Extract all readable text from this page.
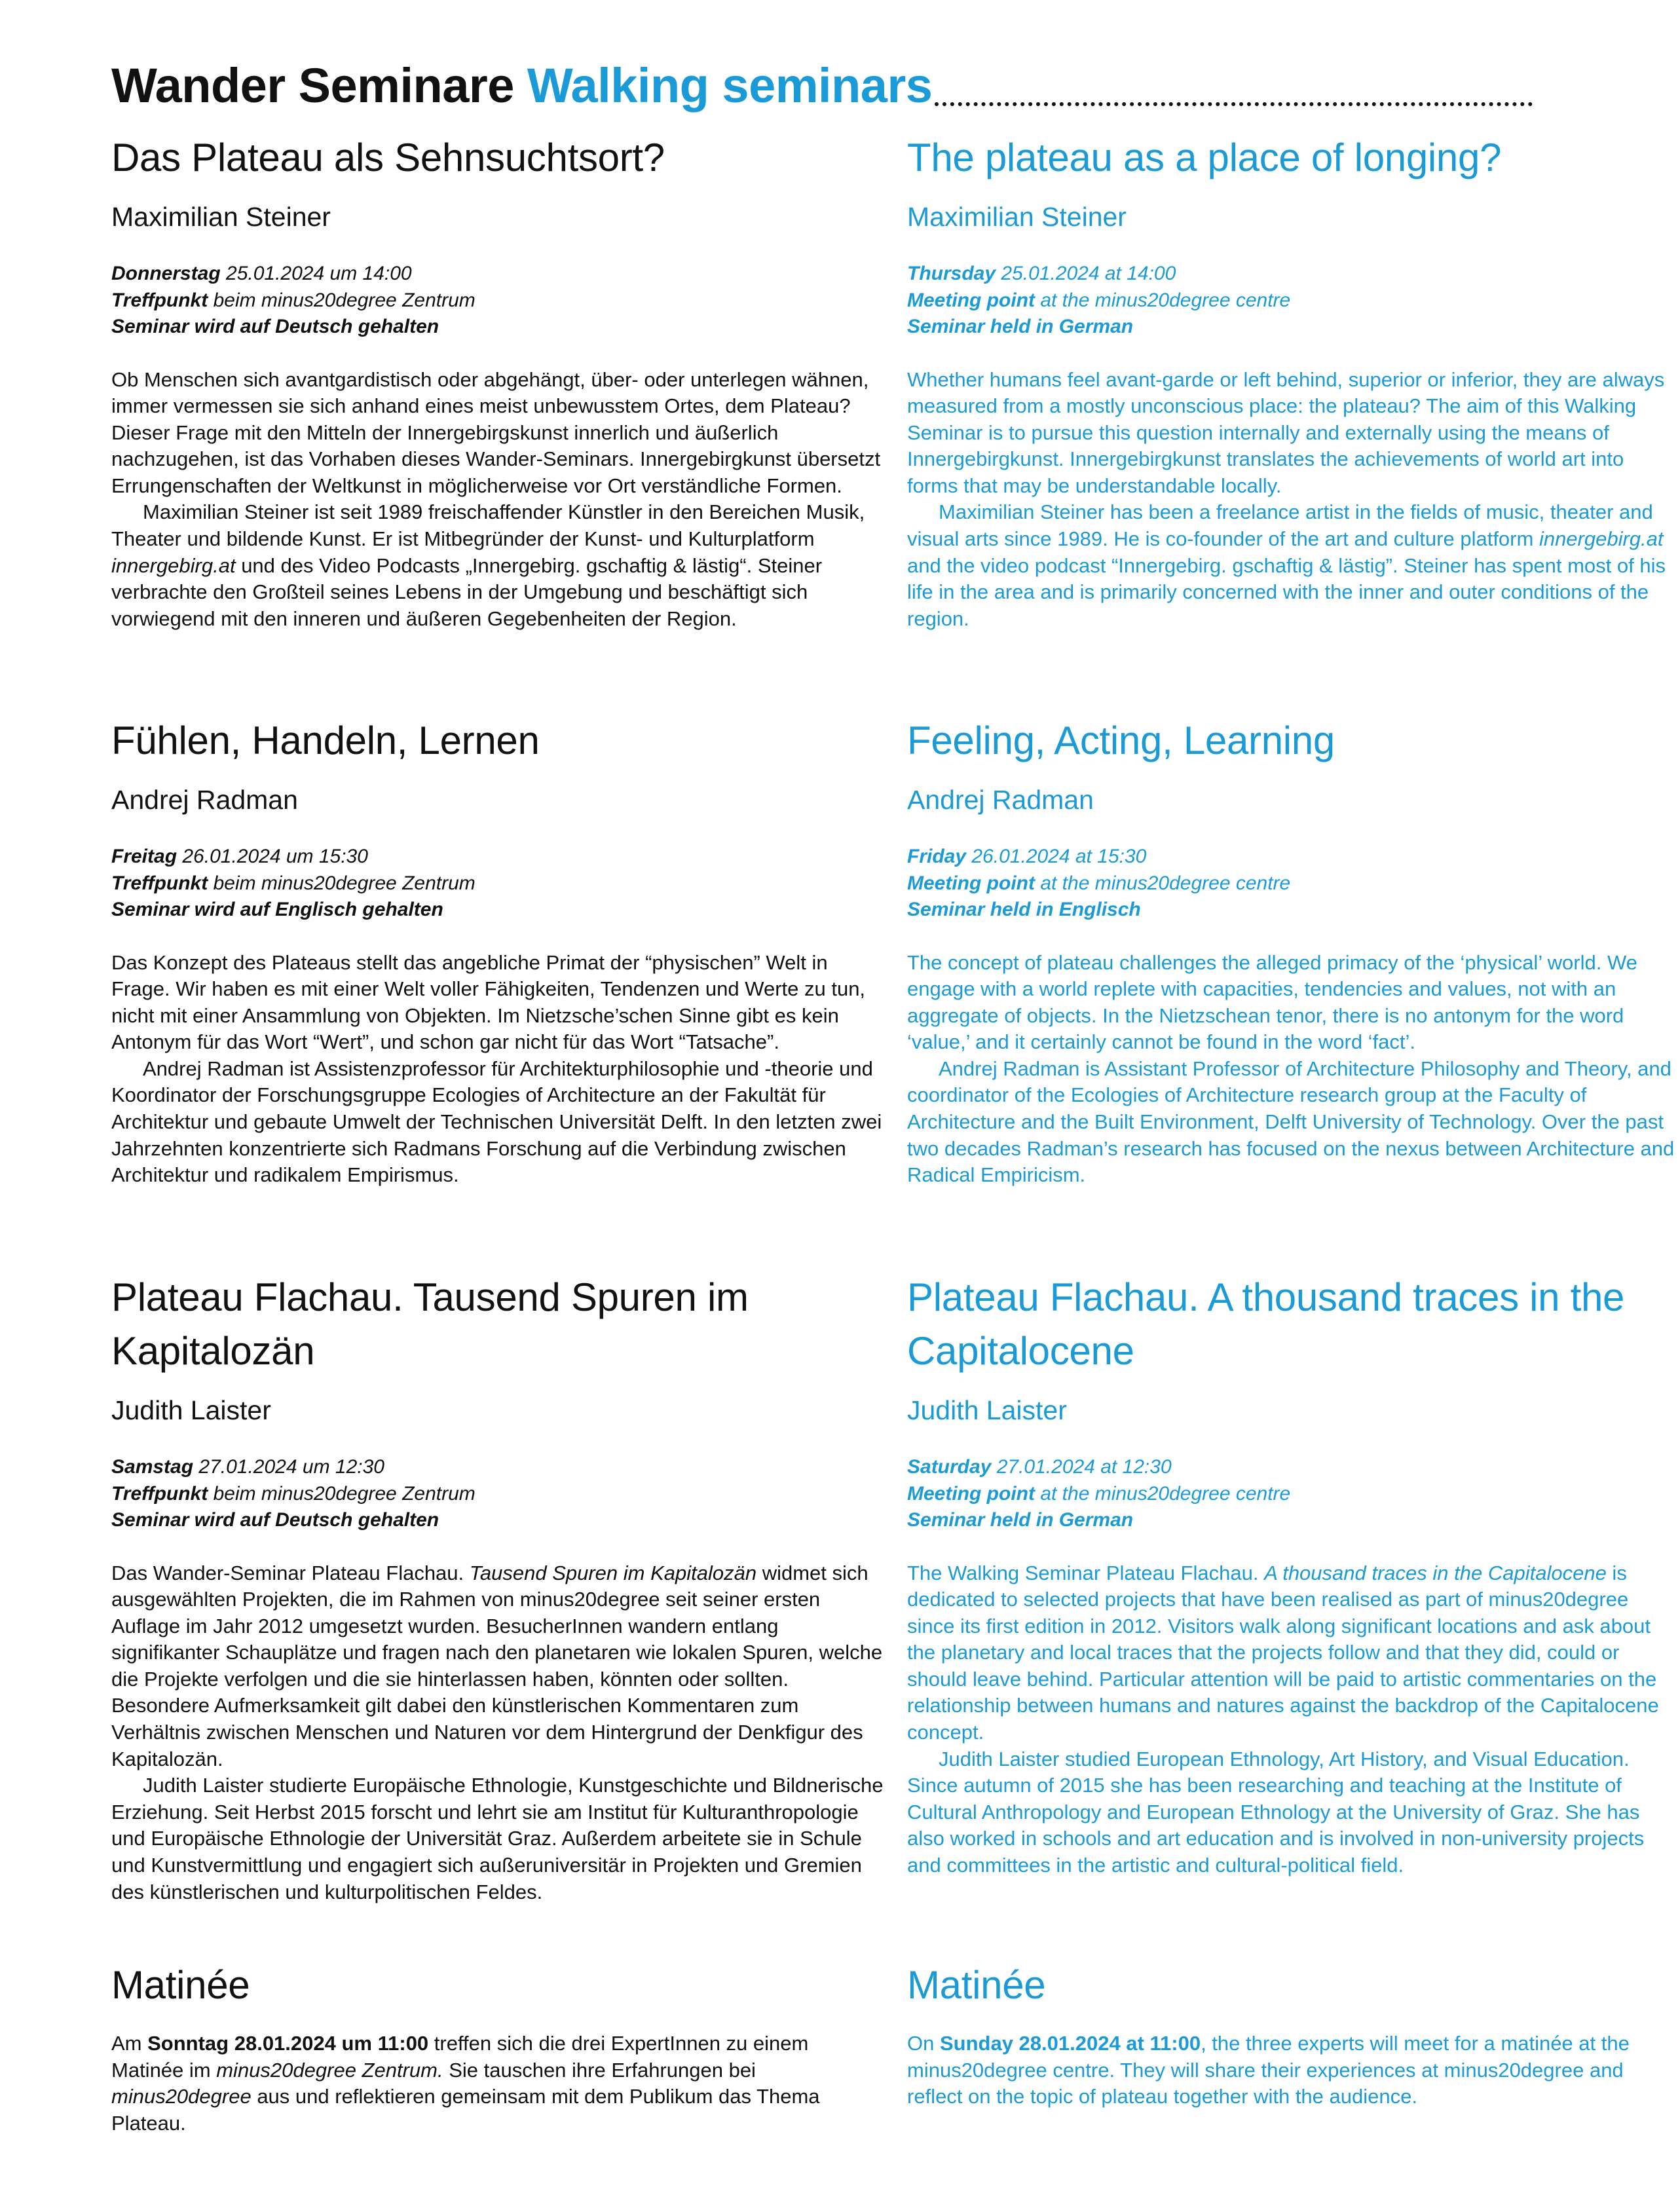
Wander Seminare Walking seminars
Das Plateau als Sehnsuchtsort?
Maximilian Steiner
Donnerstag 25.01.2024 um 14:00
Treffpunkt beim minus20degree Zentrum
Seminar wird auf Deutsch gehalten

Ob Menschen sich avantgardistisch oder abgehängt, über- oder unterlegen wähnen, immer vermessen sie sich anhand eines meist unbewusstem Ortes, dem Plateau? Dieser Frage mit den Mitteln der Innergebirgskunst innerlich und äußerlich nachzugehen, ist das Vorhaben dieses Wander-Seminars. Innergebirgkunst übersetzt Errungenschaften der Weltkunst in möglicherweise vor Ort verständliche Formen.

Maximilian Steiner ist seit 1989 freischaffender Künstler in den Bereichen Musik, Theater und bildende Kunst. Er ist Mitbegründer der Kunst- und Kulturplatform innergebirg.at und des Video Podcasts „Innergebirg. gschaftig & lästig“. Steiner verbrachte den Großteil seines Lebens in der Umgebung und beschäftigt sich vorwiegend mit den inneren und äußeren Gegebenheiten der Region.

Fühlen, Handeln, Lernen
Andrej Radman
Freitag 26.01.2024 um 15:30
Treffpunkt beim minus20degree Zentrum
Seminar wird auf Englisch gehalten

Das Konzept des Plateaus stellt das angebliche Primat der “physischen” Welt in Frage. Wir haben es mit einer Welt voller Fähigkeiten, Tendenzen und Werte zu tun, nicht mit einer Ansammlung von Objekten. Im Nietzsche’schen Sinne gibt es kein Antonym für das Wort “Wert”, und schon gar nicht für das Wort “Tatsache”.

Andrej Radman ist Assistenzprofessor für Architekturphilosophie und -theorie und Koordinator der Forschungsgruppe Ecologies of Architecture an der Fakultät für Architektur und gebaute Umwelt der Technischen Universität Delft. In den letzten zwei Jahrzehnten konzentrierte sich Radmans Forschung auf die Verbindung zwischen Architektur und radikalem Empirismus.

Plateau Flachau. Tausend Spuren im Kapitalozän
Judith Laister
Samstag 27.01.2024 um 12:30
Treffpunkt beim minus20degree Zentrum
Seminar wird auf Deutsch gehalten

Das Wander-Seminar Plateau Flachau. Tausend Spuren im Kapitalozän widmet sich ausgewählten Projekten, die im Rahmen von minus20degree seit seiner ersten Auflage im Jahr 2012 umgesetzt wurden. BesucherInnen wandern entlang signifikanter Schauplätze und fragen nach den planetaren wie lokalen Spuren, welche die Projekte verfolgen und die sie hinterlassen haben, könnten oder sollten. Besondere Aufmerksamkeit gilt dabei den künstlerischen Kommentaren zum Verhältnis zwischen Menschen und Naturen vor dem Hintergrund der Denkfigur des Kapitalozän.

Judith Laister studierte Europäische Ethnologie, Kunstgeschichte und Bildnerische Erziehung. Seit Herbst 2015 forscht und lehrt sie am Institut für Kulturanthropologie und Europäische Ethnologie der Universität Graz. Außerdem arbeitete sie in Schule und Kunstvermittlung und engagiert sich außeruniversitär in Projekten und Gremien des künstlerischen und kulturpolitischen Feldes.

Matinée

Am Sonntag 28.01.2024 um 11:00 treffen sich die drei ExpertInnen zu einem Matinée im minus20degree Zentrum. Sie tauschen ihre Erfahrungen bei minus20degree aus und reflektieren gemeinsam mit dem Publikum das Thema Plateau.

The plateau as a place of longing?
Maximilian Steiner
Thursday 25.01.2024 at 14:00
Meeting point at the minus20degree centre
Seminar held in German

Whether humans feel avant-garde or left behind, superior or inferior, they are always measured from a mostly unconscious place: the plateau? The aim of this Walking Seminar is to pursue this question internally and externally using the means of Innergebirgkunst. Innergebirgkunst translates the achievements of world art into forms that may be understandable locally.

Maximilian Steiner has been a freelance artist in the fields of music, theater and visual arts since 1989. He is co-founder of the art and culture platform innergebirg.at and the video podcast “Innergebirg. gschaftig & lästig”. Steiner has spent most of his life in the area and is primarily concerned with the inner and outer conditions of the region.

Feeling, Acting, Learning
Andrej Radman
Friday 26.01.2024 at 15:30
Meeting point at the minus20degree centre
Seminar held in Englisch

The concept of plateau challenges the alleged primacy of the ‘physical’ world. We engage with a world replete with capacities, tendencies and values, not with an aggregate of objects. In the Nietzschean tenor, there is no antonym for the word ‘value,’ and it certainly cannot be found in the word ‘fact’.

Andrej Radman is Assistant Professor of Architecture Philosophy and Theory, and coordinator of the Ecologies of Architecture research group at the Faculty of Architecture and the Built Environment, Delft University of Technology. Over the past two decades Radman’s research has focused on the nexus between Architecture and Radical Empiricism.

Plateau Flachau. A thousand traces in the Capitalocene
Judith Laister
Saturday 27.01.2024 at 12:30
Meeting point at the minus20degree centre
Seminar held in German

The Walking Seminar Plateau Flachau. A thousand traces in the Capitalocene is dedicated to selected projects that have been realised as part of minus20degree since its first edition in 2012. Visitors walk along significant locations and ask about the planetary and local traces that the projects follow and that they did, could or should leave behind. Particular attention will be paid to artistic commentaries on the relationship between humans and natures against the backdrop of the Capitalocene concept.

Judith Laister studied European Ethnology, Art History, and Visual Education. Since autumn of 2015 she has been researching and teaching at the Institute of Cultural Anthropology and European Ethnology at the University of Graz. She has also worked in schools and art education and is involved in non-university projects and committees in the artistic and cultural-political field.

Matinée

On Sunday 28.01.2024 at 11:00, the three experts will meet for a matinée at the minus20degree centre. They will share their experiences at minus20degree and reflect on the topic of plateau together with the audience.
